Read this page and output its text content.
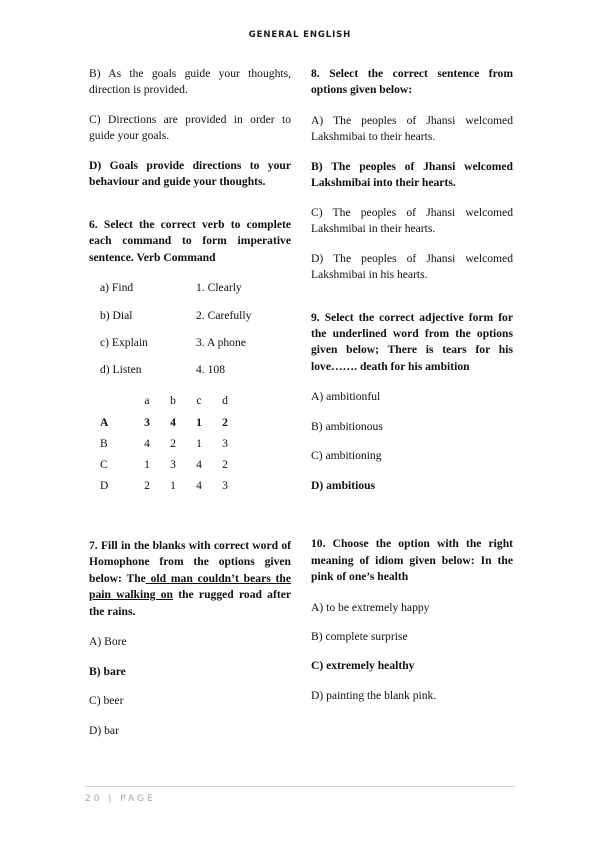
GENERAL ENGLISH

B) As the goals guide your thoughts, direction is provided.

C) Directions are provided in order to guide your goals.

D) Goals provide directions to your behaviour and guide your thoughts.

6. Select the correct verb to complete each command to form imperative sentence. Verb Command

a) Find	1. Clearly
b) Dial	2. Carefully
c) Explain	3. A phone
d) Listen	4. 108
	a	b	c	d
A	3	4	1	2
B	4	2	1	3
C	1	3	4	2
D	2	1	4	3

7. Fill in the blanks with correct word of Homophone from the options given below: The old man couldn’t bears the pain walking on the rugged road after the rains.

A) Bore

B) bare

C) beer

D) bar

8. Select the correct sentence from options given below:

A) The peoples of Jhansi welcomed Lakshmibai to their hearts.

B) The peoples of Jhansi welcomed Lakshmibai into their hearts.

C) The peoples of Jhansi welcomed Lakshmibai in their hearts.

D) The peoples of Jhansi welcomed Lakshmibai in his hearts.

9. Select the correct adjective form for the underlined word from the options given below; There is tears for his love……. death for his ambition

A) ambitionful

B) ambitionous

C) ambitioning

D) ambitious

10. Choose the option with the right meaning of idiom given below: In the pink of one’s health

A) to be extremely happy

B) complete surprise

C) extremely healthy

D) painting the blank pink.

20 | PAGE
